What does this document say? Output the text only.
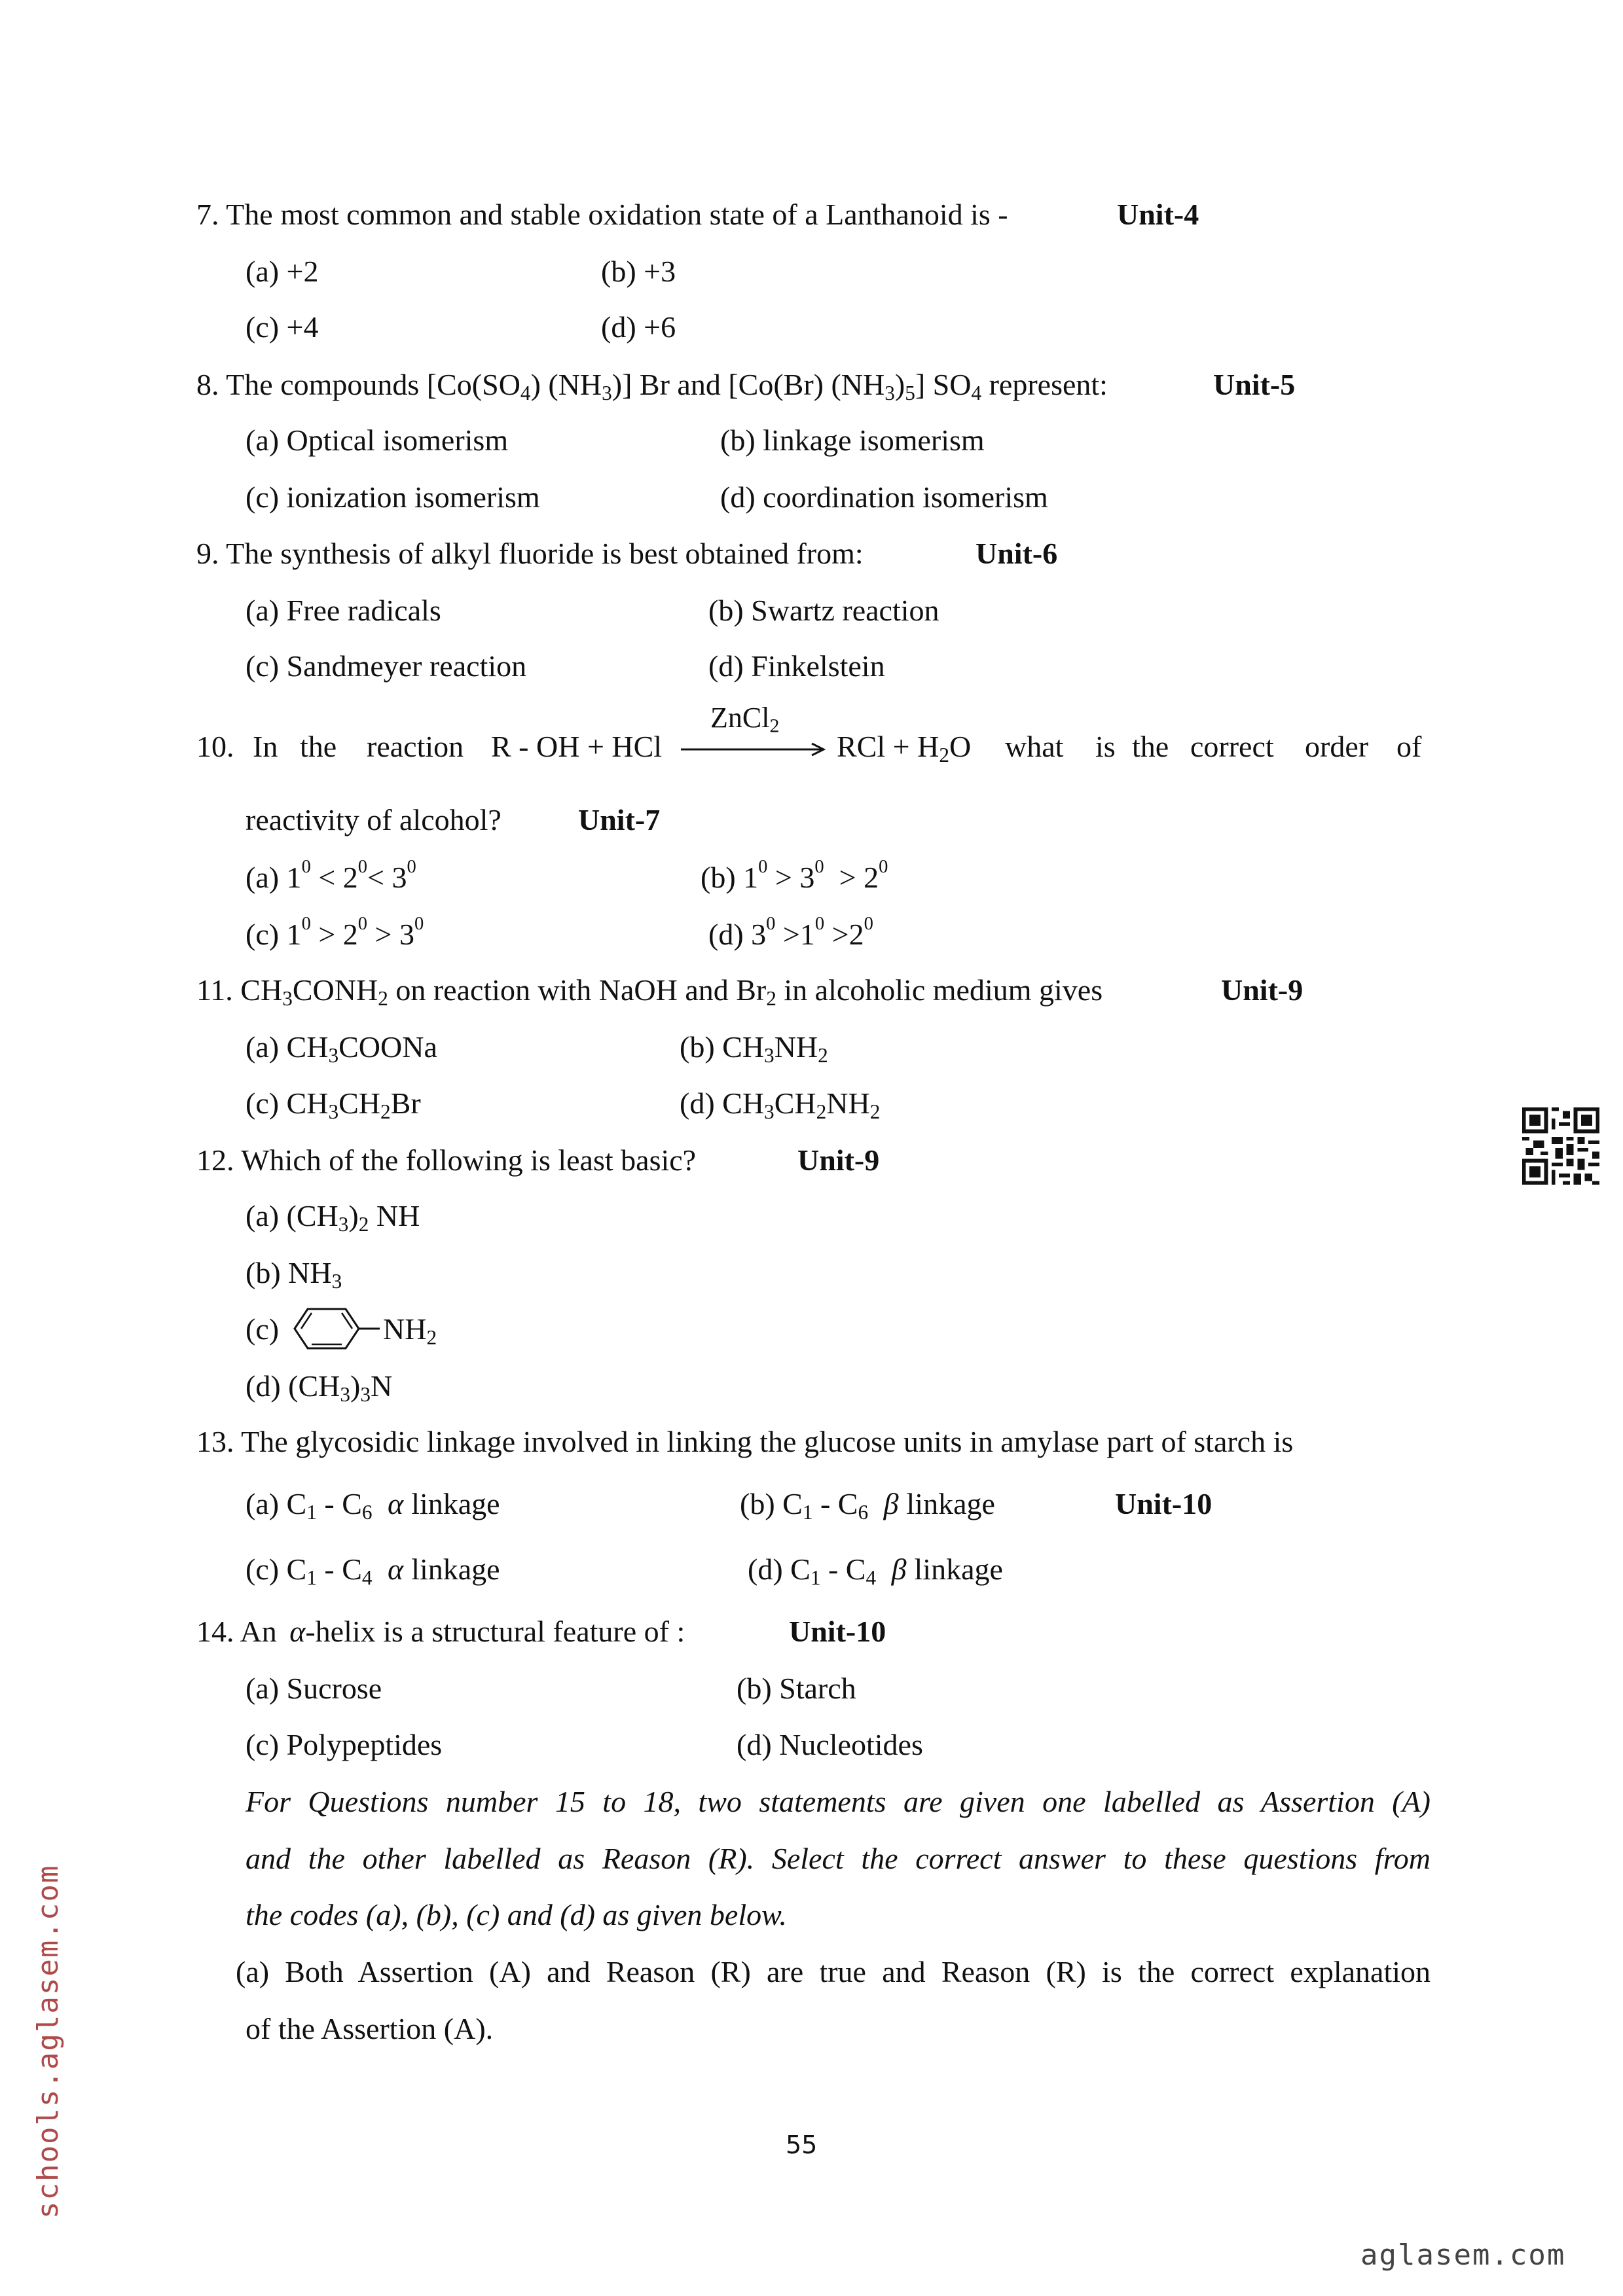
7. The most common and stable oxidation state of a Lanthanoid is -	Unit-4
(a) +2	(b) +3
(c) +4	(d) +6
8. The compounds [$Co(SO_4)$ $(NH_3)$] Br and [Co(Br) $(NH_3)_5$] $SO_4$ represent:	Unit-5
(a) Optical isomerism	(b) linkage isomerism
(c) ionization isomerism	(d) coordination isomerism
9. The synthesis of alkyl fluoride is best obtained from:	Unit-6
(a) Free radicals	(b) Swartz reaction
(c) Sandmeyer reaction	(d) Finkelstein
10. In the reaction R - OH + HCl
ZnCl$_2$
RCl + $H_2O$ what is the correct order of
reactivity of alcohol?	Unit-7
(a) $1^0 < 2^0< 3^0$	(b) $1^0 > 3^0 > 2^0$
(c) $1^0 > 2^0 > 3^0$	(d) $3^0 >1^0 >2^0$
11. $CH_3CONH_2$ on reaction with NaOH and $Br_2$ in alcoholic medium gives	Unit-9
(a) $CH_3COONa$	(b) $CH_3NH_2$
(c) $CH_3CH_2Br$	(d) $CH_3CH_2NH_2$
12. Which of the following is least basic?	Unit-9
(a) $(CH_3)_2$ NH
(b) $NH_3$
(c)	$NH_2$
(d) $(CH_3)_3N$
13. The glycosidic linkage involved in linking the glucose units in amylase part of starch is
(a) $C_1 - C_6$ α linkage	(b) $C_1 - C_6$ β linkage	Unit-10
(c) $C_1 - C_4$ α linkage	(d) $C_1 - C_4$ β linkage
14. An α-helix is a structural feature of :	Unit-10
(a) Sucrose	(b) Starch
(c) Polypeptides	(d) Nucleotides
For Questions number 15 to 18, two statements are given one labelled as Assertion (A)
and the other labelled as Reason (R). Select the correct answer to these questions from
the codes (a), (b), (c) and (d) as given below.
(a) Both Assertion (A) and Reason (R) are true and Reason (R) is the correct explanation
of the Assertion (A).
55
schools.aglasem.com
aglasem.com
